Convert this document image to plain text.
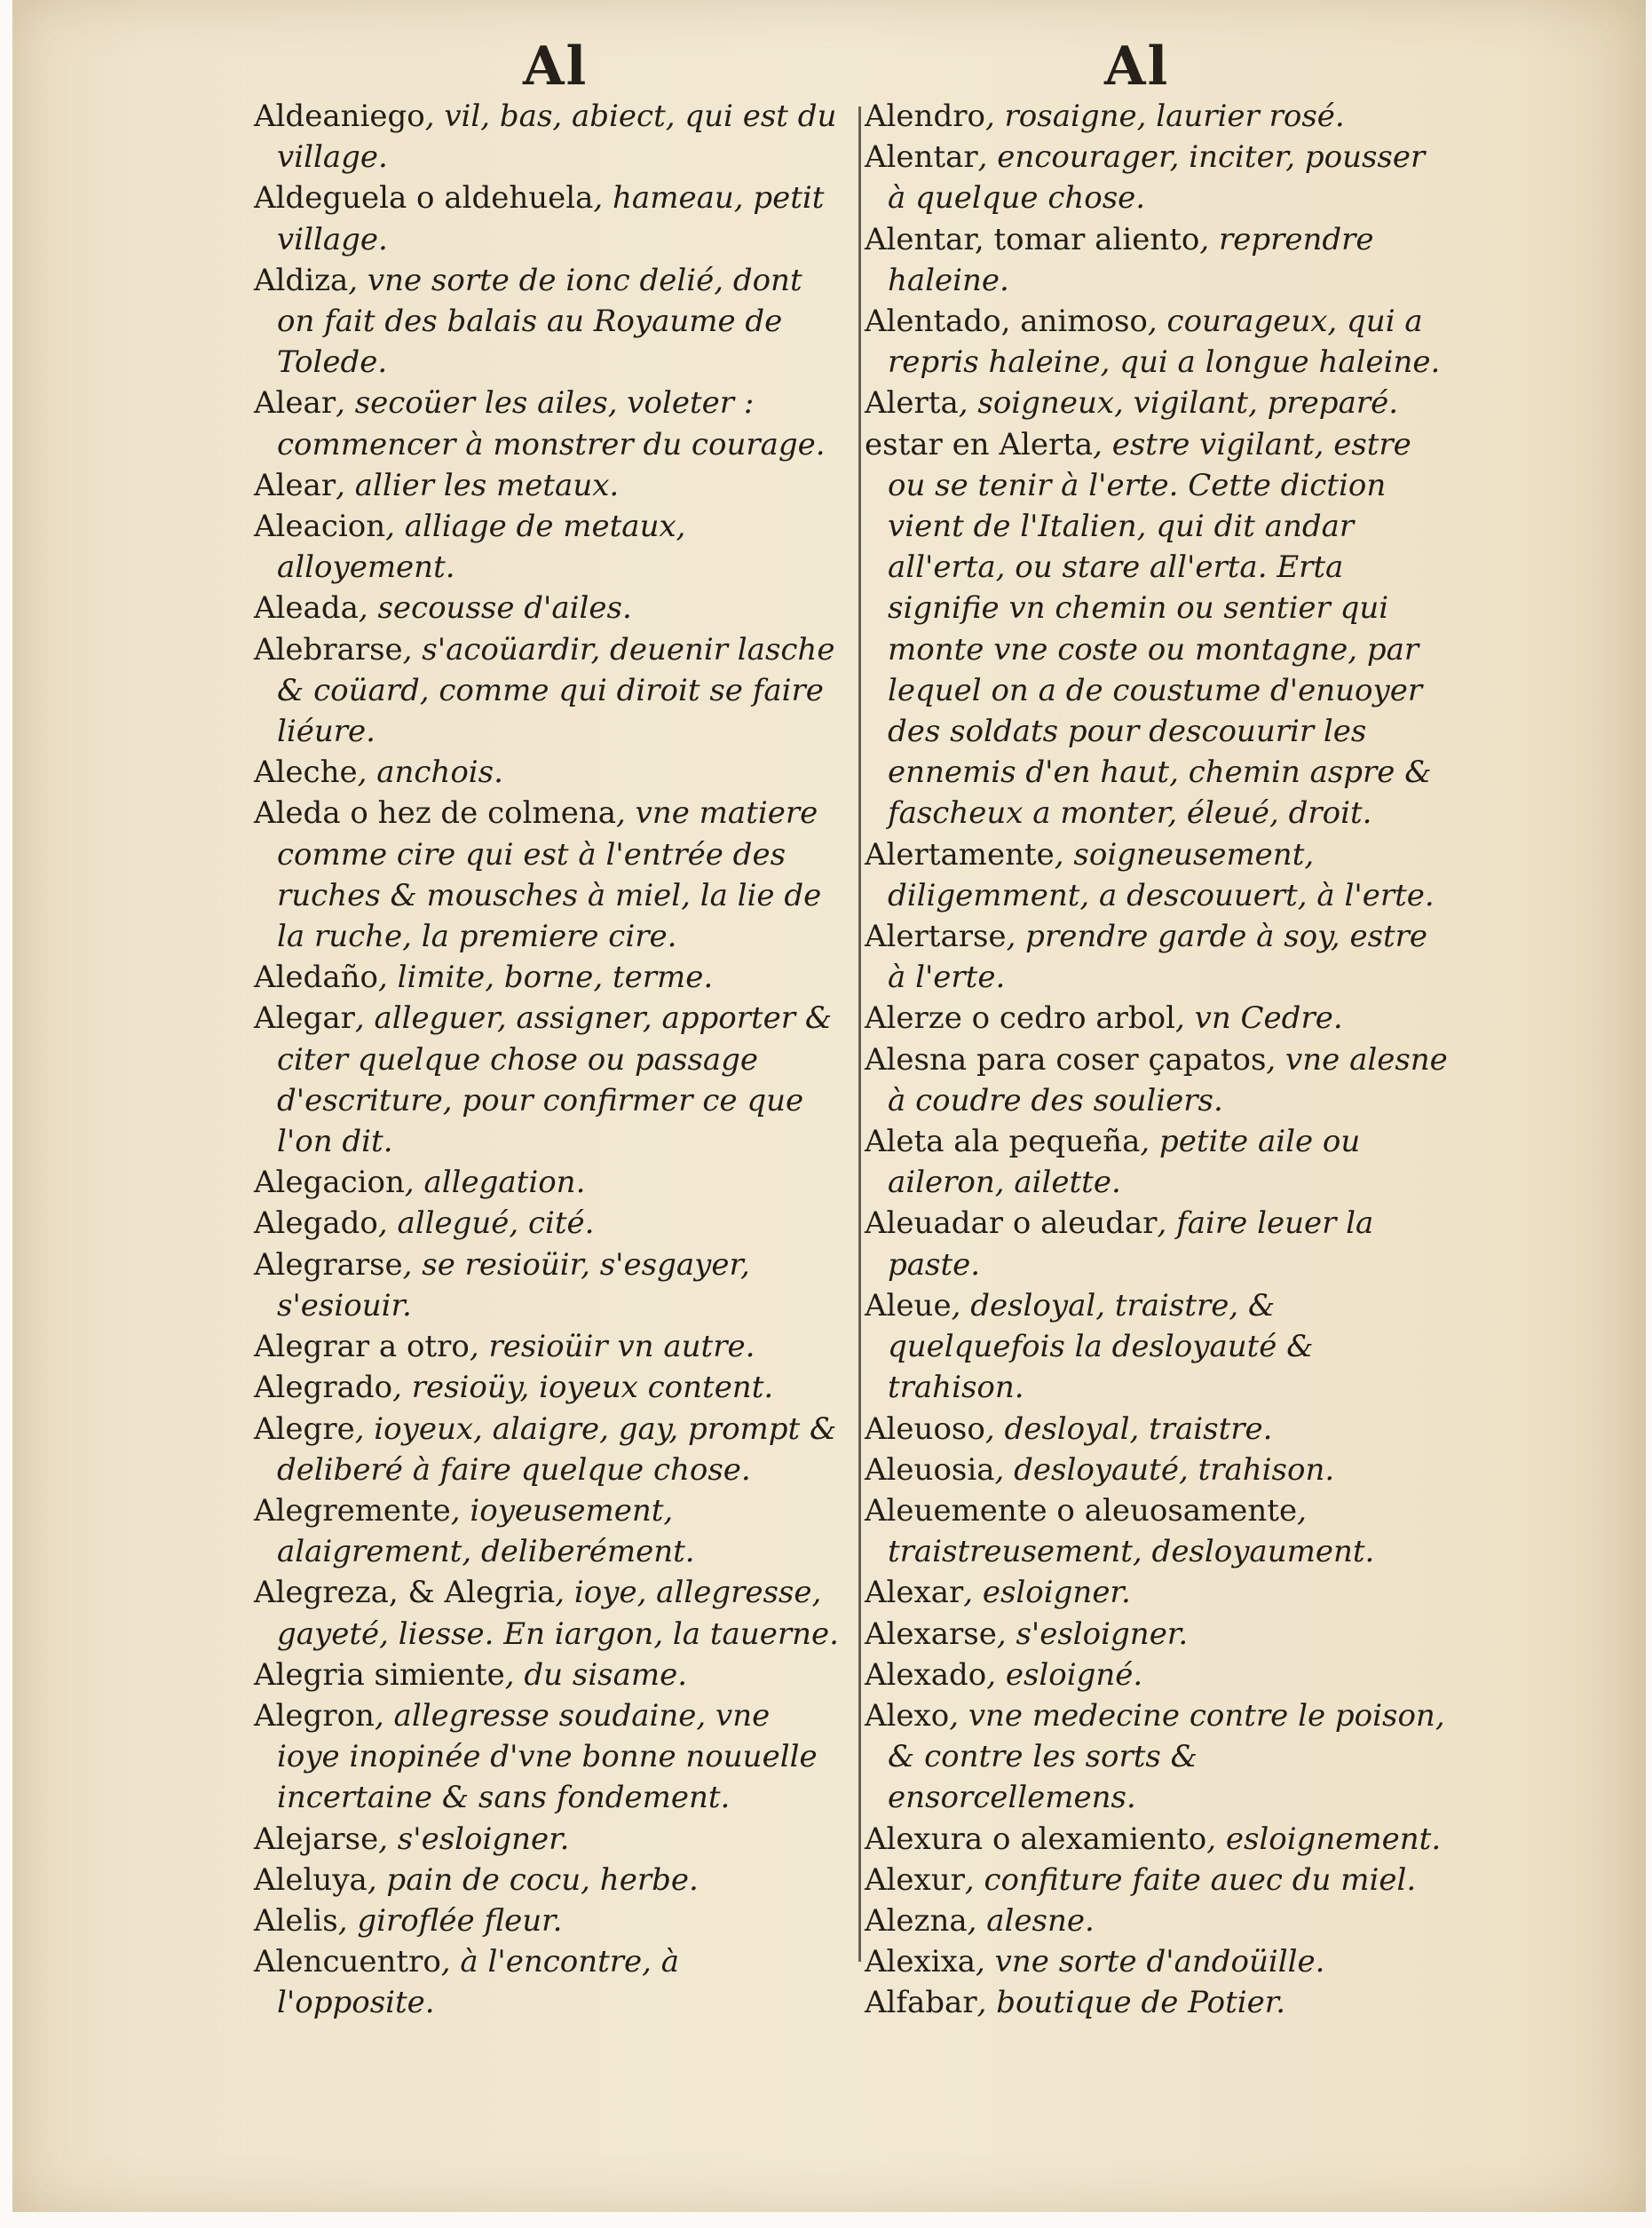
Al	Al

Aldeaniego, vil, bas, abiect, qui est du village.

Aldeguela o aldehuela, hameau, petit village.

Aldiza, vne sorte de ionc delié, dont on fait des balais au Royaume de Tolede.

Alear, secoüer les ailes, voleter : commencer à monstrer du courage.

Alear, allier les metaux.

Aleacion, alliage de metaux, alloyement.

Aleada, secousse d'ailes.

Alebrarse, s'acoüardir, deuenir lasche & coüard, comme qui diroit se faire liéure.

Aleche, anchois.

Aleda o hez de colmena, vne matiere comme cire qui est à l'entrée des ruches & mousches à miel, la lie de la ruche, la premiere cire.

Aledaño, limite, borne, terme.

Alegar, alleguer, assigner, apporter & citer quelque chose ou passage d'escriture, pour confirmer ce que l'on dit.

Alegacion, allegation.

Alegado, allegué, cité.

Alegrarse, se resioüir, s'esgayer, s'esiouir.

Alegrar a otro, resioüir vn autre.

Alegrado, resioüy, ioyeux content.

Alegre, ioyeux, alaigre, gay, prompt & deliberé à faire quelque chose.

Alegremente, ioyeusement, alaigrement, deliberément.

Alegreza, & Alegria, ioye, allegresse, gayeté, liesse. En iargon, la tauerne.

Alegria simiente, du sisame.

Alegron, allegresse soudaine, vne ioye inopinée d'vne bonne nouuelle incertaine & sans fondement.

Alejarse, s'esloigner.

Aleluya, pain de cocu, herbe.

Alelis, giroflée fleur.

Alencuentro, à l'encontre, à l'opposite.

Alendro, rosaigne, laurier rosé.

Alentar, encourager, inciter, pousser à quelque chose.

Alentar, tomar aliento, reprendre haleine.

Alentado, animoso, courageux, qui a repris haleine, qui a longue haleine.

Alerta, soigneux, vigilant, preparé.

estar en Alerta, estre vigilant, estre ou se tenir à l'erte. Cette diction vient de l'Italien, qui dit andar all'erta, ou stare all'erta. Erta signifie vn chemin ou sentier qui monte vne coste ou montagne, par lequel on a de coustume d'enuoyer des soldats pour descouurir les ennemis d'en haut, chemin aspre & fascheux a monter, éleué, droit.

Alertamente, soigneusement, diligemment, a descouuert, à l'erte.

Alertarse, prendre garde à soy, estre à l'erte.

Alerze o cedro arbol, vn Cedre.

Alesna para coser çapatos, vne alesne à coudre des souliers.

Aleta ala pequeña, petite aile ou aileron, ailette.

Aleuadar o aleudar, faire leuer la paste.

Aleue, desloyal, traistre, & quelquefois la desloyauté & trahison.

Aleuoso, desloyal, traistre.

Aleuosia, desloyauté, trahison.

Aleuemente o aleuosamente, traistreusement, desloyaument.

Alexar, esloigner.

Alexarse, s'esloigner.

Alexado, esloigné.

Alexo, vne medecine contre le poison, & contre les sorts & ensorcellemens.

Alexura o alexamiento, esloignement.

Alexur, confiture faite auec du miel.

Alezna, alesne.

Alexixa, vne sorte d'andoüille.

Alfabar, boutique de Potier.
